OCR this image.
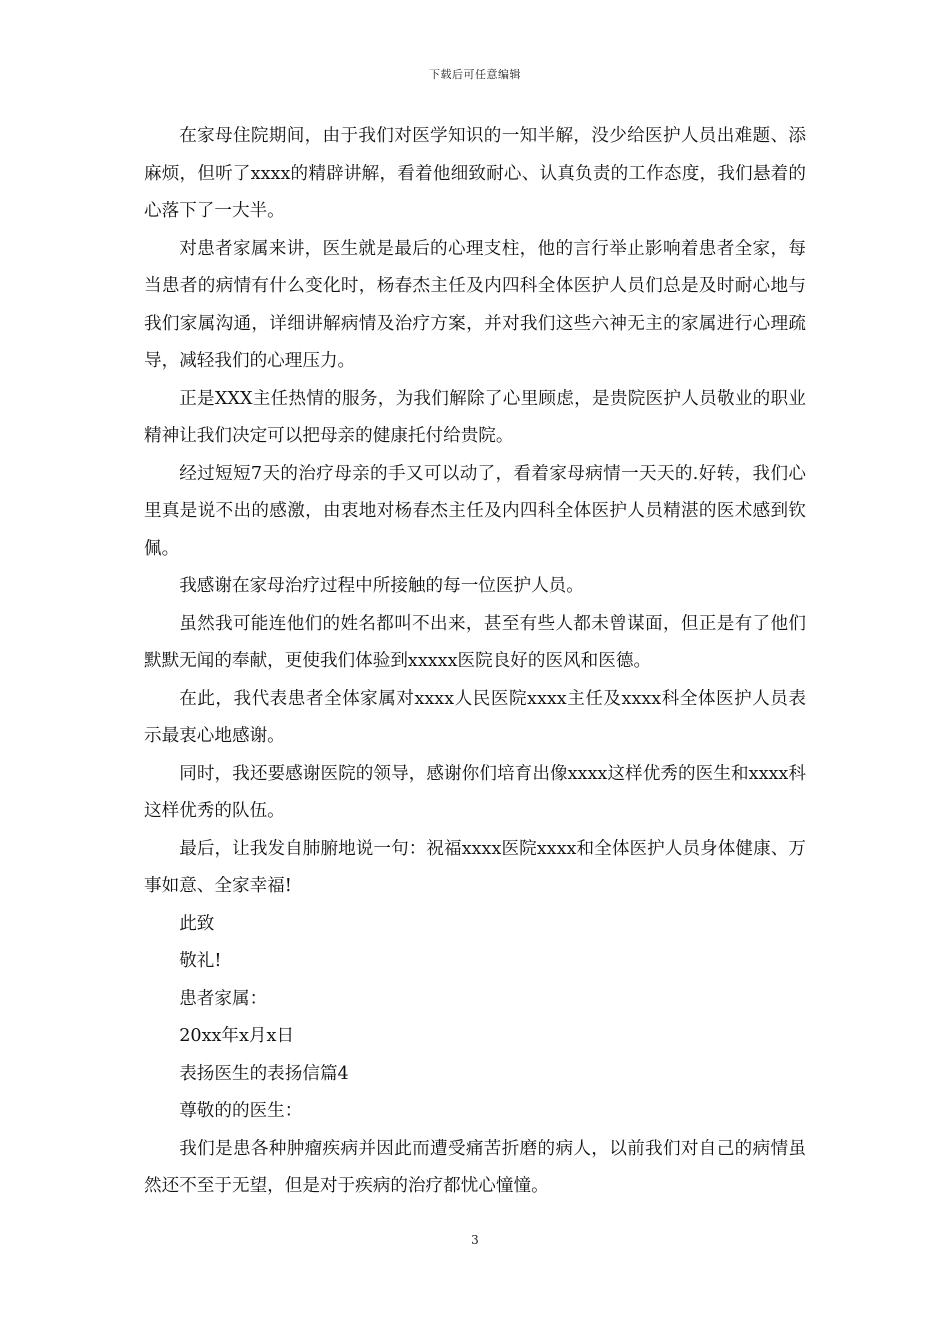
下载后可任意编辑

在家母住院期间，由于我们对医学知识的一知半解，没少给医护人员出难题、添麻烦，但听了xxxx的精辟讲解，看着他细致耐心、认真负责的工作态度，我们悬着的心落下了一大半。

对患者家属来讲，医生就是最后的心理支柱，他的言行举止影响着患者全家，每当患者的病情有什么变化时，杨春杰主任及内四科全体医护人员们总是及时耐心地与我们家属沟通，详细讲解病情及治疗方案，并对我们这些六神无主的家属进行心理疏导，减轻我们的心理压力。

正是XXX主任热情的服务，为我们解除了心里顾虑，是贵院医护人员敬业的职业精神让我们决定可以把母亲的健康托付给贵院。

经过短短7天的治疗母亲的手又可以动了，看着家母病情一天天的.好转，我们心里真是说不出的感激，由衷地对杨春杰主任及内四科全体医护人员精湛的医术感到钦佩。

我感谢在家母治疗过程中所接触的每一位医护人员。

虽然我可能连他们的姓名都叫不出来，甚至有些人都未曾谋面，但正是有了他们默默无闻的奉献，更使我们体验到xxxxx医院良好的医风和医德。

在此，我代表患者全体家属对xxxx人民医院xxxx主任及xxxx科全体医护人员表示最衷心地感谢。

同时，我还要感谢医院的领导，感谢你们培育出像xxxx这样优秀的医生和xxxx科这样优秀的队伍。

最后，让我发自肺腑地说一句：祝福xxxx医院xxxx和全体医护人员身体健康、万事如意、全家幸福!

此致

敬礼!

患者家属：

20xx年x月x日

表扬医生的表扬信篇4

尊敬的的医生：

我们是患各种肿瘤疾病并因此而遭受痛苦折磨的病人，以前我们对自己的病情虽然还不至于无望，但是对于疾病的治疗都忧心憧憧。

3
